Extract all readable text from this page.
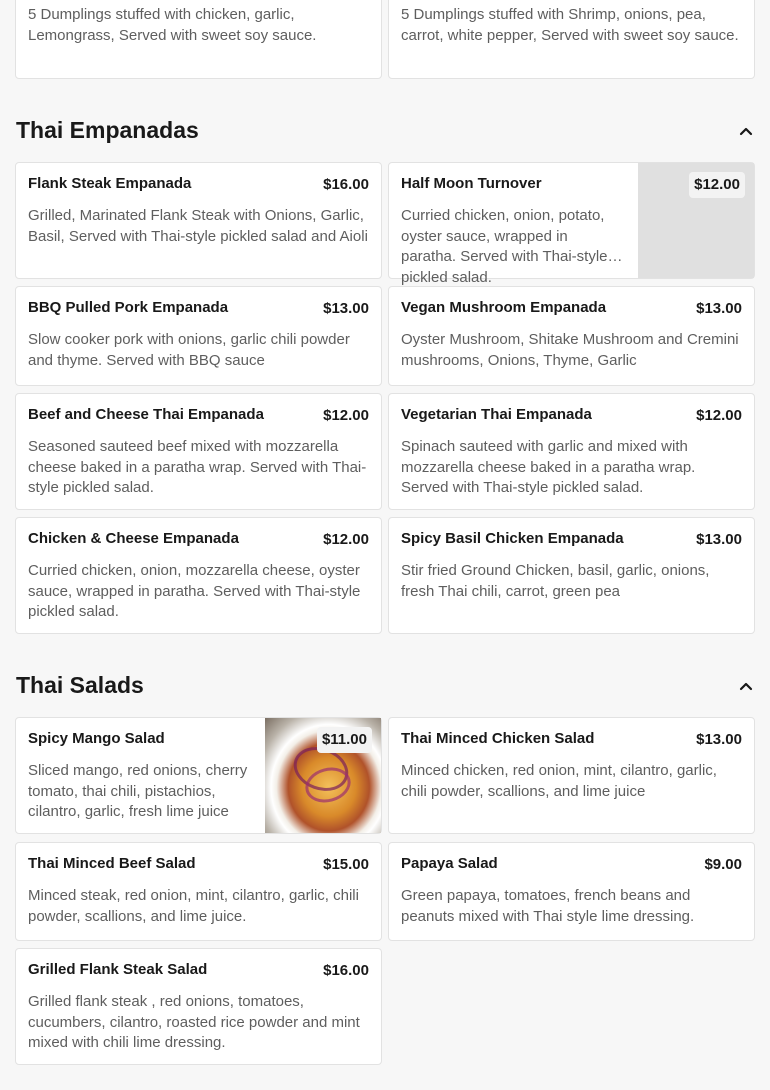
5 Dumplings stuffed with chicken, garlic, Lemongrass, Served with sweet soy sauce.
5 Dumplings stuffed with Shrimp, onions, pea, carrot, white pepper, Served with sweet soy sauce.
Thai Empanadas
Flank Steak Empanada
Grilled, Marinated Flank Steak with Onions, Garlic, Basil, Served with Thai-style pickled salad and Aioli
$16.00 Half Moon Turnover
Curried chicken, onion, potato, oyster sauce, wrapped in paratha. Served with Thai-style pickled salad.
$12.00
BBQ Pulled Pork Empanada
Slow cooker pork with onions, garlic chili powder and thyme. Served with BBQ sauce
$13.00 Vegan Mushroom Empanada
Oyster Mushroom, Shitake Mushroom and Cremini mushrooms, Onions, Thyme, Garlic
$13.00
Beef and Cheese Thai Empanada
Seasoned sauteed beef mixed with mozzarella cheese baked in a paratha wrap. Served with Thai-style pickled salad.
$12.00 Vegetarian Thai Empanada
Spinach sauteed with garlic and mixed with mozzarella cheese baked in a paratha wrap. Served with Thai-style pickled salad.
$12.00
Chicken & Cheese Empanada
Curried chicken, onion, mozzarella cheese, oyster sauce, wrapped in paratha. Served with Thai-style pickled salad.
$12.00 Spicy Basil Chicken Empanada
Stir fried Ground Chicken, basil, garlic, onions, fresh Thai chili, carrot, green pea
$13.00
Thai Salads
Spicy Mango Salad
Sliced mango, red onions, cherry tomato, thai chili, pistachios, cilantro, garlic, fresh lime juice
$11.00	Thai Minced Chicken Salad
Minced chicken, red onion, mint, cilantro, garlic, chili powder, scallions, and lime juice
$13.00
Thai Minced Beef Salad
Minced steak, red onion, mint, cilantro, garlic, chili powder, scallions, and lime juice.
$15.00 Papaya Salad
Green papaya, tomatoes, french beans and peanuts mixed with Thai style lime dressing.
$9.00
Grilled Flank Steak Salad
Grilled flank steak , red onions, tomatoes, cucumbers, cilantro, roasted rice powder and mint mixed with chili lime dressing.
$16.00
